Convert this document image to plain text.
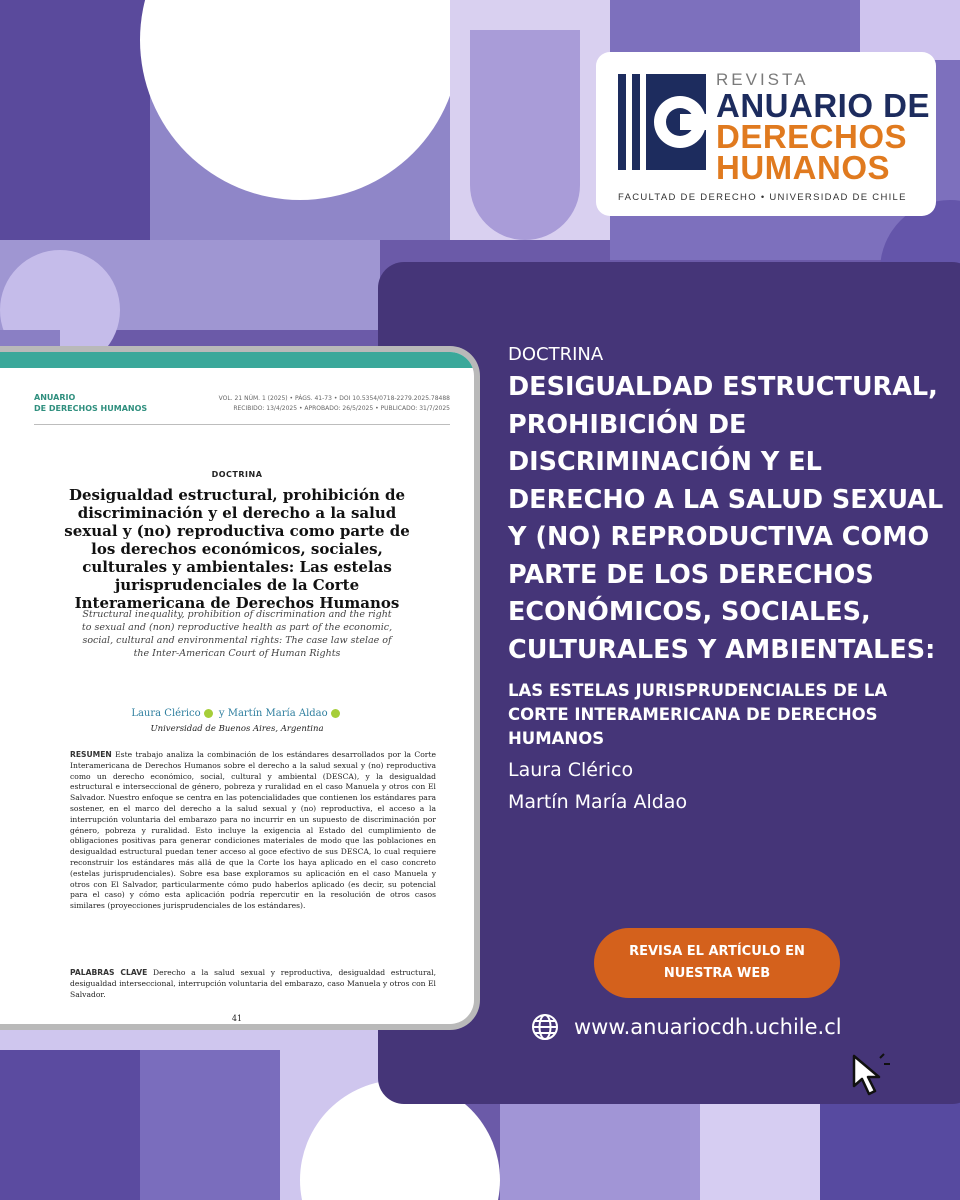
REVISTA
ANUARIO DE
DERECHOS
HUMANOS
FACULTAD DE DERECHO • UNIVERSIDAD DE CHILE
DOCTRINA
DESIGUALDAD ESTRUCTURAL, PROHIBICIÓN DE DISCRIMINACIÓN Y EL DERECHO A LA SALUD SEXUAL Y (NO) REPRODUCTIVA COMO PARTE DE LOS DERECHOS ECONÓMICOS, SOCIALES, CULTURALES Y AMBIENTALES:
LAS ESTELAS JURISPRUDENCIALES DE LA CORTE INTERAMERICANA DE DERECHOS HUMANOS
Laura Clérico
Martín María Aldao
REVISA EL ARTÍCULO EN NUESTRA WEB
www.anuariocdh.uchile.cl
ANUARIO
DE DERECHOS HUMANOS
VOL. 21 NÚM. 1 (2025) • PÁGS. 41-73 • DOI 10.5354/0718-2279.2025.78488
RECIBIDO: 13/4/2025 • APROBADO: 26/5/2025 • PUBLICADO: 31/7/2025
DOCTRINA
Desigualdad estructural, prohibición de discriminación y el derecho a la salud sexual y (no) reproductiva como parte de los derechos económicos, sociales, culturales y ambientales: Las estelas jurisprudenciales de la Corte Interamericana de Derechos Humanos
Structural inequality, prohibition of discrimination and the right to sexual and (non) reproductive health as part of the economic, social, cultural and environmental rights: The case law stelae of the Inter-American Court of Human Rights
Laura Clérico y Martín María Aldao
Universidad de Buenos Aires, Argentina
RESUMEN Este trabajo analiza la combinación de los estándares desarrollados por la Corte Interamericana de Derechos Humanos sobre el derecho a la salud sexual y (no) reproductiva como un derecho económico, social, cultural y ambiental (DESCA), y la desigualdad estructural e interseccional de género, pobreza y ruralidad en el caso Manuela y otros con El Salvador. Nuestro enfoque se centra en las potencialidades que contienen los estándares para sostener, en el marco del derecho a la salud sexual y (no) reproductiva, el acceso a la interrupción voluntaria del embarazo para no incurrir en un supuesto de discriminación por género, pobreza y ruralidad. Esto incluye la exigencia al Estado del cumplimiento de obligaciones positivas para generar condiciones materiales de modo que las poblaciones en desigualdad estructural puedan tener acceso al goce efectivo de sus DESCA, lo cual requiere reconstruir los estándares más allá de que la Corte los haya aplicado en el caso concreto (estelas jurisprudenciales). Sobre esa base exploramos su aplicación en el caso Manuela y otros con El Salvador, particularmente cómo pudo haberlos aplicado (es decir, su potencial para el caso) y cómo esta aplicación podría repercutir en la resolución de otros casos similares (proyecciones jurisprudenciales de los estándares).
PALABRAS CLAVE Derecho a la salud sexual y reproductiva, desigualdad estructural, desigualdad interseccional, interrupción voluntaria del embarazo, caso Manuela y otros con El Salvador.
41
